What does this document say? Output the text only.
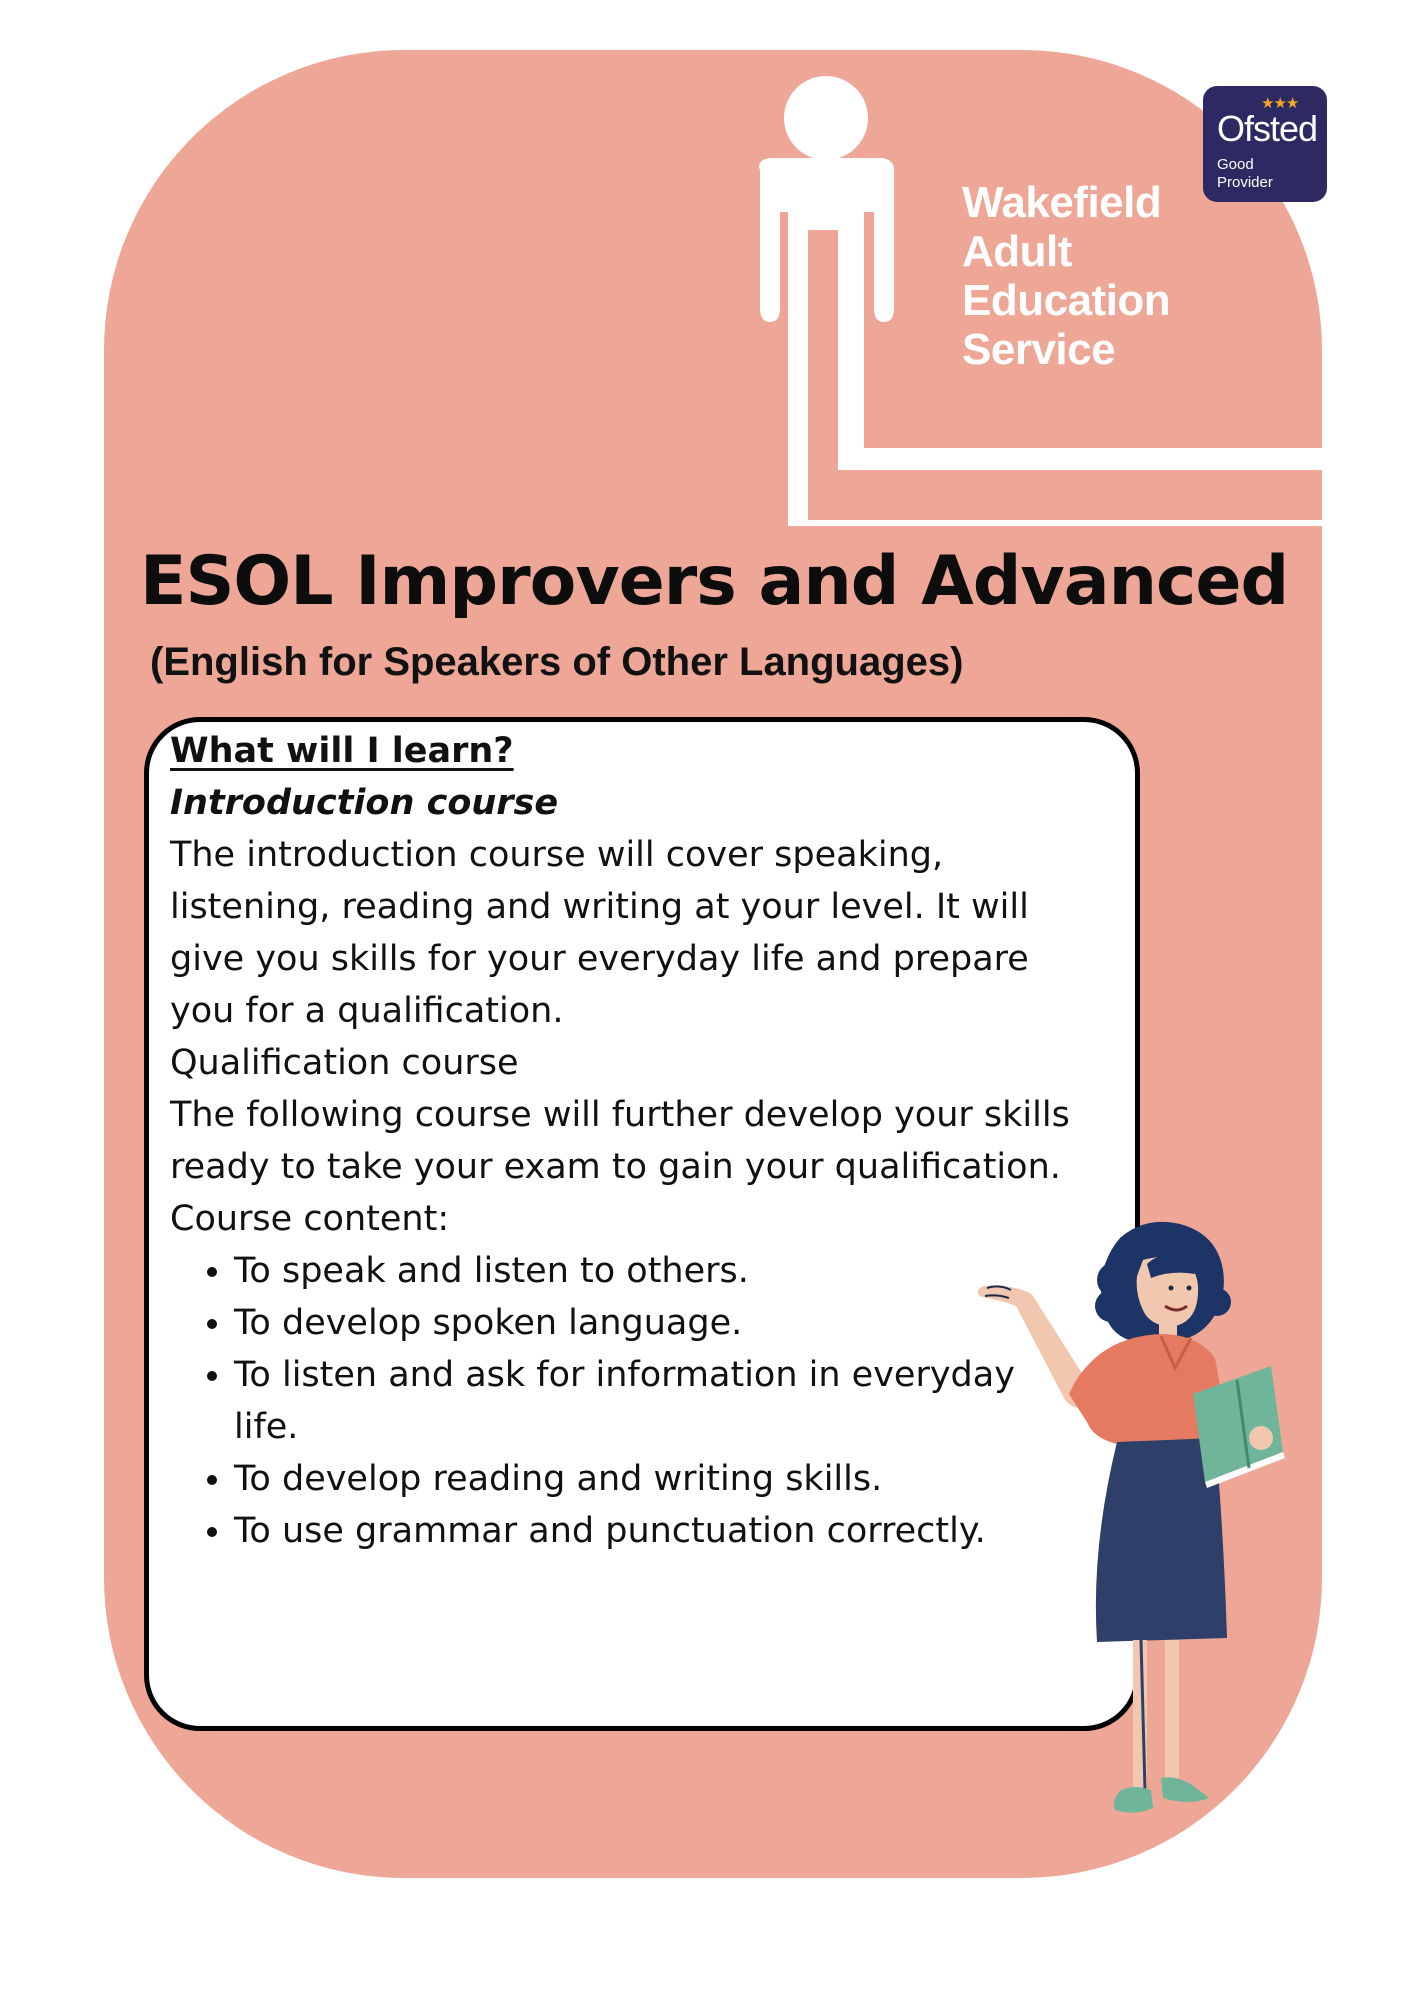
Wakefield
Adult
Education
Service
★★★
Ofsted
Good
Provider
ESOL Improvers and Advanced
(English for Speakers of Other Languages)

What will I learn?

Introduction course

The introduction course will cover speaking, listening, reading and writing at your level. It will give you skills for your everyday life and prepare you for a qualification.

Qualification course

The following course will further develop your skills ready to take your exam to gain your qualification.

Course content:

• To speak and listen to others.
• To develop spoken language.
• To listen and ask for information in everyday life.
• To develop reading and writing skills.
• To use grammar and punctuation correctly.
